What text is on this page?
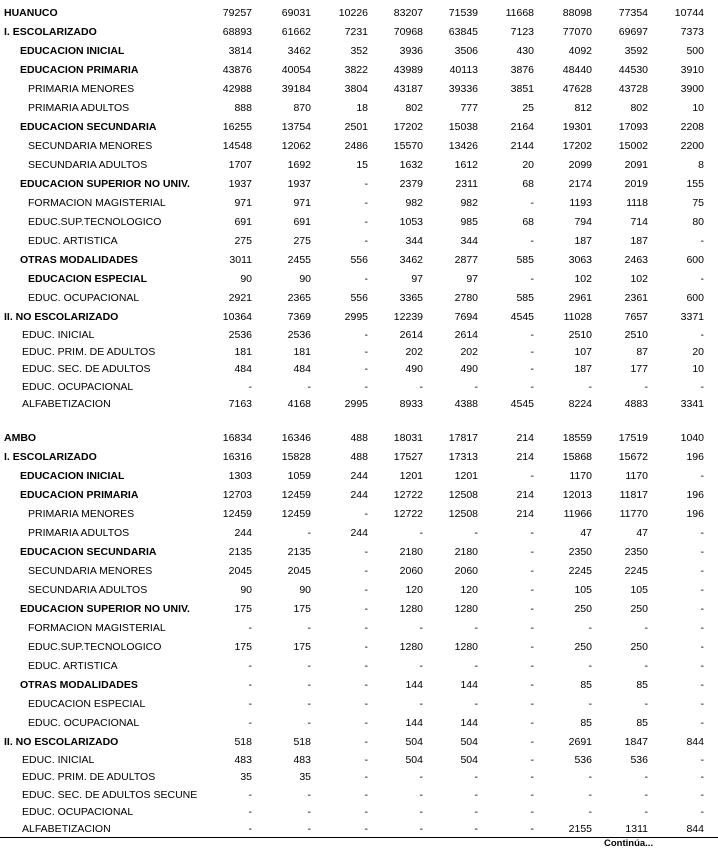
HUANUCO	79257	69031	10226 83207 71539	11668	88098	77354	10744
I. ESCOLARIZADO	68893	61662	7231 70968 63845	7123	77070	69697	7373
EDUCACION INICIAL	3814	3462	352	3936	3506	430	4092	3592	500
EDUCACION PRIMARIA	43876	40054	3822 43989	40113	3876	48440	44530	3910
PRIMARIA MENORES	42988	39184	3804 43187 39336	3851	47628	43728	3900
PRIMARIA ADULTOS	888	870	18	802	777	25	812	802	10
EDUCACION SECUNDARIA	16255	13754	2501 17202 15038	2164	19301	17093	2208
SECUNDARIA MENORES	14548	12062	2486 15570 13426	2144	17202	15002	2200
SECUNDARIA ADULTOS	1707	1692	15	1632	1612	20	2099	2091	8
EDUCACION SUPERIOR NO UNIV.	1937	1937	-	2379	2311	68	2174	2019	155
FORMACION MAGISTERIAL	971	971	-	982	982	-	1193	1118	75
EDUC.SUP.TECNOLOGICO	691	691	-	1053	985	68	794	714	80
EDUC. ARTISTICA	275	275	-	344	344	-	187	187	-
OTRAS MODALIDADES	3011	2455	556	3462	2877	585	3063	2463	600
EDUCACION ESPECIAL	90	90	-	97	97	-	102	102	-
EDUC. OCUPACIONAL	2921	2365	556	3365	2780	585	2961	2361	600
II. NO ESCOLARIZADO	10364	7369	2995 12239	7694	4545	11028	7657	3371
EDUC. INICIAL	2536	2536	-	2614	2614	-	2510	2510	-
EDUC. PRIM. DE ADULTOS	181	181	-	202	202	-	107	87	20
EDUC. SEC. DE ADULTOS	484	484	-	490	490	-	187	177	10
EDUC. OCUPACIONAL	-	-	-	-	-	-	-	-	-
ALFABETIZACION	7163	4168	2995	8933	4388	4545	8224	4883	3341
AMBO	16834	16346	488 18031 17817	214	18559	17519	1040
I. ESCOLARIZADO	16316	15828	488 17527 17313	214	15868	15672	196
EDUCACION INICIAL	1303	1059	244	1201	1201	-	1170	1170	-
EDUCACION PRIMARIA	12703	12459	244 12722 12508	214	12013	11817	196
PRIMARIA MENORES	12459	12459	- 12722 12508	214	11966	11770	196
PRIMARIA ADULTOS	244	-	244	-	-	-	47	47	-
EDUCACION SECUNDARIA	2135	2135	-	2180	2180	-	2350	2350	-
SECUNDARIA MENORES	2045	2045	-	2060	2060	-	2245	2245	-
SECUNDARIA ADULTOS	90	90	-	120	120	-	105	105	-
EDUCACION SUPERIOR NO UNIV.	175	175	-	1280	1280	-	250	250	-
FORMACION MAGISTERIAL	-	-	-	-	-	-	-	-	-
EDUC.SUP.TECNOLOGICO	175	175	-	1280	1280	-	250	250	-
EDUC. ARTISTICA	-	-	-	-	-	-	-	-	-
OTRAS MODALIDADES	-	-	-	144	144	-	85	85	-
EDUCACION ESPECIAL	-	-	-	-	-	-	-	-	-
EDUC. OCUPACIONAL	-	-	-	144	144	-	85	85	-
II. NO ESCOLARIZADO	518	518	-	504	504	-	2691	1847	844
EDUC. INICIAL	483	483	-	504	504	-	536	536	-
EDUC. PRIM. DE ADULTOS	35	35	-	-	-	-	-	-	-
EDUC. SEC. DE ADULTOS SECUNE	-	-	-	-	-	-	-	-	-
EDUC. OCUPACIONAL	-	-	-	-	-	-	-	-	-
ALFABETIZACION	-	-	-	-	-	-	2155	1311	844
Continúa...
